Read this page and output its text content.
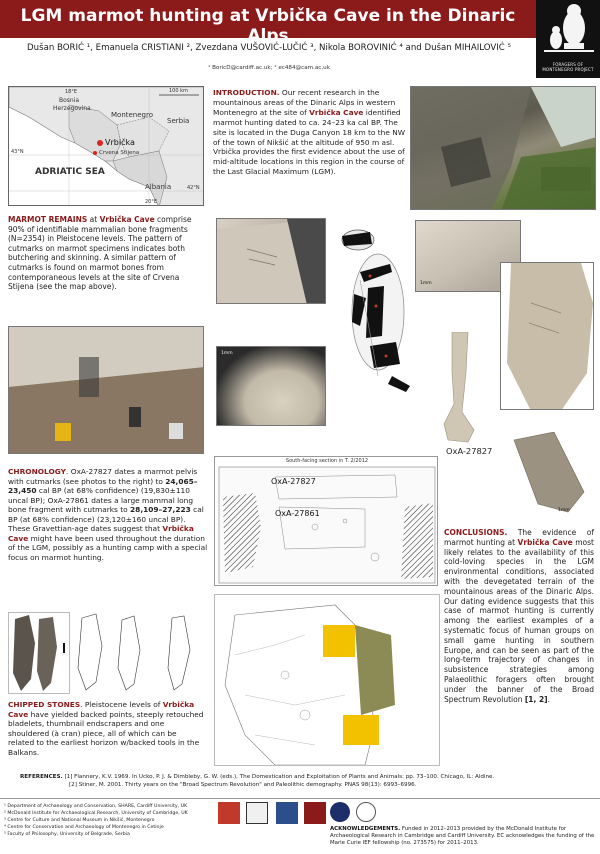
LGM marmot hunting at Vrbička Cave in the Dinaric Alps
FORAGERS OF MONTENEGRO PROJECT
Dušan BORIĆ ¹, Emanuela CRISTIANI ², Zvezdana VUŠOVIĆ-LUČIĆ ³, Nikola BOROVINIĆ ⁴ and Dušan MIHAILOVIĆ ⁵
¹ BoricD@cardiff.ac.uk; ² ec484@cam.ac.uk
Bosnia
Herzegovina
Montenegro
Serbia
Albania
ADRIATIC SEA
Vrbička
Crvena Stijena
18°E
20°E
43°N
42°N
100 km	INTRODUCTION. Our recent research in the mountainous areas of the Dinaric Alps in western Montenegro at the site of Vrbička Cave identified marmot hunting dated to ca. 24–23 ka cal BP. The site is located in the Duga Canyon 18 km to the NW of the town of Nikšić at the altitude of 950 m asl. Vrbička provides the first evidence about the use of mid-altitude locations in this region in the course of the Last Glacial Maximum (LGM).
MARMOT REMAINS at Vrbička Cave comprise 90% of identifiable mammalian bone fragments (N=2354) in Pleistocene levels. The pattern of cutmarks on marmot specimens indicates both butchering and skinning. A similar pattern of cutmarks is found on marmot bones from contemporaneous levels at the site of Crvena Stijena (see the map above).
1mm
1mm
OxA-27827
1mm
CHRONOLOGY. OxA-27827 dates a marmot pelvis with cutmarks (see photos to the right) to 24,065–23,450 cal BP (at 68% confidence) (19,830±110 uncal BP); OxA-27861 dates a large mammal long bone fragment with cutmarks to 28,109–27,223 cal BP (at 68% confidence) (23,120±160 uncal BP). These Gravettian-age dates suggest that Vrbička Cave might have been used throughout the duration of the LGM, possibly as a hunting camp with a special focus on marmot hunting.
South-facing section in T. 2/2012
OxA-27827
OxA-27861
CONCLUSIONS. The evidence of marmot hunting at Vrbička Cave most likely relates to the availability of this cold-loving species in the LGM environmental conditions, associated with the devegetated terrain of the mountainous areas of the Dinaric Alps. Our dating evidence suggests that this case of marmot hunting is currently among the earliest examples of a systematic focus of human groups on small game hunting in southern Europe, and can be seen as part of the long-term trajectory of changes in subsistence strategies among Palaeolithic foragers often brought under the banner of the Broad Spectrum Revolution [1, 2].
CHIPPED STONES. Pleistocene levels of Vrbička Cave have yielded backed points, steeply retouched bladelets, thumbnail endscrapers and one shouldered (à cran) piece, all of which can be related to the earliest horizon w/backed tools in the Balkans.
REFERENCES. [1] Flannery, K.V. 1969. In Ucko, P. J. & Dimbleby, G. W. (eds.), The Domestication and Exploitation of Plants and Animals: pp. 73–100. Chicago, IL: Aldine.
[2] Stiner, M. 2001. Thirty years on the "Broad Spectrum Revolution" and Paleolithic demography. PNAS 98(13): 6993–6996.
¹ Department of Archaeology and Conservation, SHARE, Cardiff University, UK
² McDonald Institute for Archaeological Research, University of Cambridge, UK
³ Centre for Culture and National Museum in Nikšić, Montenegro
⁴ Centre for Conservation and Archaeology of Montenegro in Cetinje
⁵ Faculty of Philosophy, University of Belgrade, Serbia
ACKNOWLEDGEMENTS. Funded in 2012–2013 provided by the McDonald Institute for Archaeological Research in Cambridge and Cardiff University. EC acknowledges the funding of the Marie Curie IEF fellowship (no. 273575) for 2011–2013.
